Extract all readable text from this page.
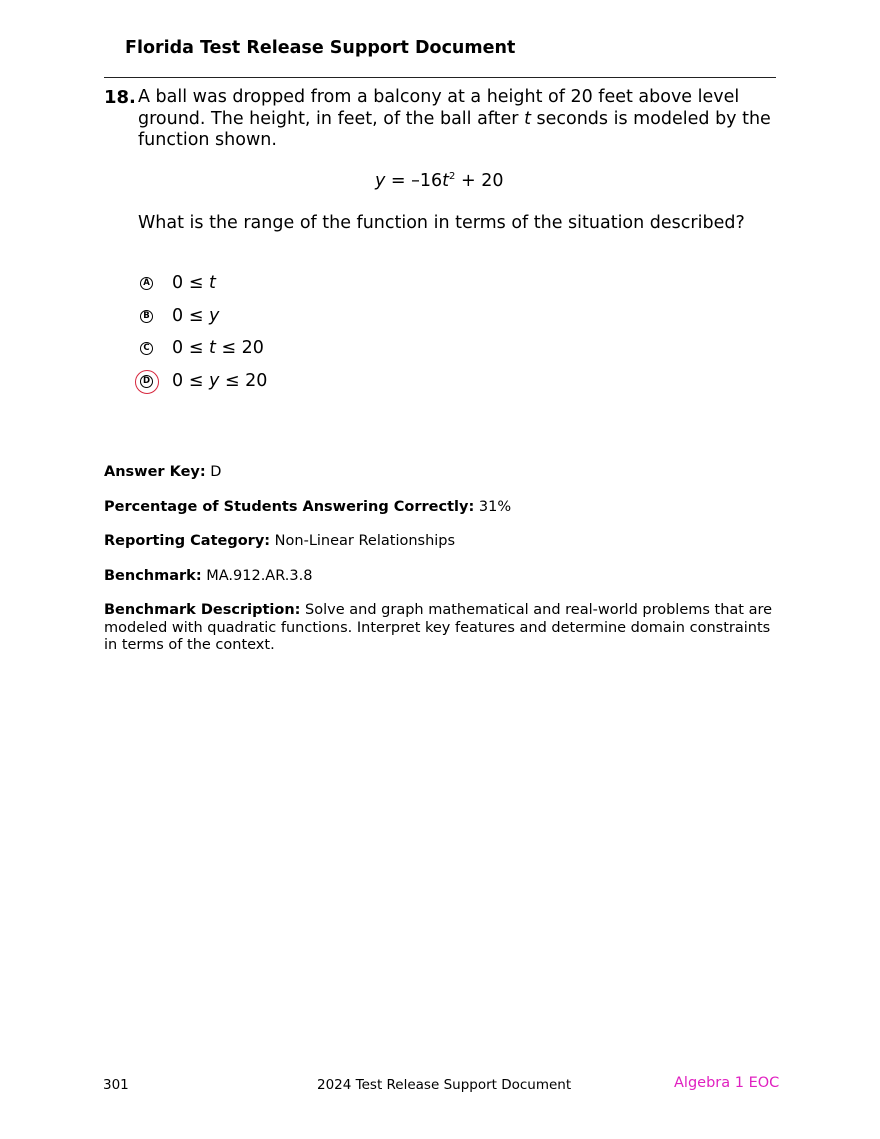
Florida Test Release Support Document
18. A ball was dropped from a balcony at a height of 20 feet above level
ground. The height, in feet, of the ball after t seconds is modeled by the
function shown.
$y = -16t^2 + 20$
What is the range of the function in terms of the situation described?
A 0 ≤ t
B 0 ≤ y
C 0 ≤ t ≤ 20
D 0 ≤ y ≤ 20
Answer Key: D
Percentage of Students Answering Correctly: 31%
Reporting Category: Non-Linear Relationships
Benchmark: MA.912.AR.3.8
Benchmark Description: Solve and graph mathematical and real-world problems that are modeled with quadratic functions. Interpret key features and determine domain constraints in terms of the context.
301	2024 Test Release Support Document	Algebra 1 EOC
